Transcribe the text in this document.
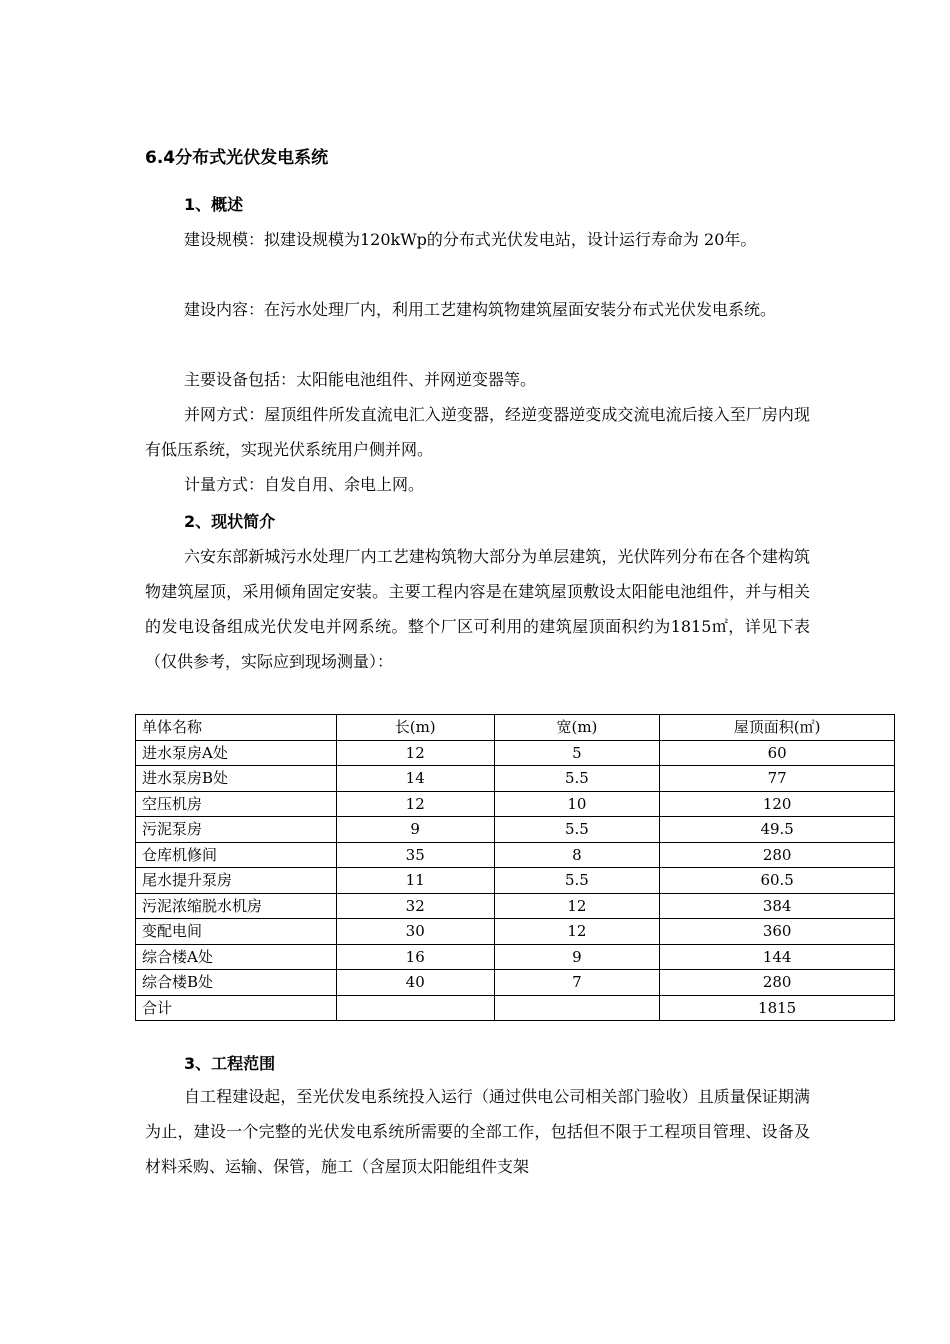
6.4分布式光伏发电系统
1、概述

建设规模：拟建设规模为120kWp的分布式光伏发电站，设计运行寿命为 20年。

建设内容：在污水处理厂内，利用工艺建构筑物建筑屋面安装分布式光伏发电系统。

主要设备包括：太阳能电池组件、并网逆变器等。

并网方式：屋顶组件所发直流电汇入逆变器，经逆变器逆变成交流电流后接入至厂房内现有低压系统，实现光伏系统用户侧并网。

计量方式：自发自用、余电上网。

2、现状简介

六安东部新城污水处理厂内工艺建构筑物大部分为单层建筑，光伏阵列分布在各个建构筑物建筑屋顶，采用倾角固定安装。主要工程内容是在建筑屋顶敷设太阳能电池组件，并与相关的发电设备组成光伏发电并网系统。整个厂区可利用的建筑屋顶面积约为1815㎡，详见下表（仅供参考，实际应到现场测量）：

单体名称	长(m)	宽(m)	屋顶面积(㎡)
进水泵房A处	12	5	60
进水泵房B处	14	5.5	77
空压机房	12	10	120
污泥泵房	9	5.5	49.5
仓库机修间	35	8	280
尾水提升泵房	11	5.5	60.5
污泥浓缩脱水机房	32	12	384
变配电间	30	12	360
综合楼A处	16	9	144
综合楼B处	40	7	280
合计			1815
3、工程范围

自工程建设起，至光伏发电系统投入运行（通过供电公司相关部门验收）且质量保证期满为止，建设一个完整的光伏发电系统所需要的全部工作，包括但不限于工程项目管理、设备及材料采购、运输、保管，施工（含屋顶太阳能组件支架
